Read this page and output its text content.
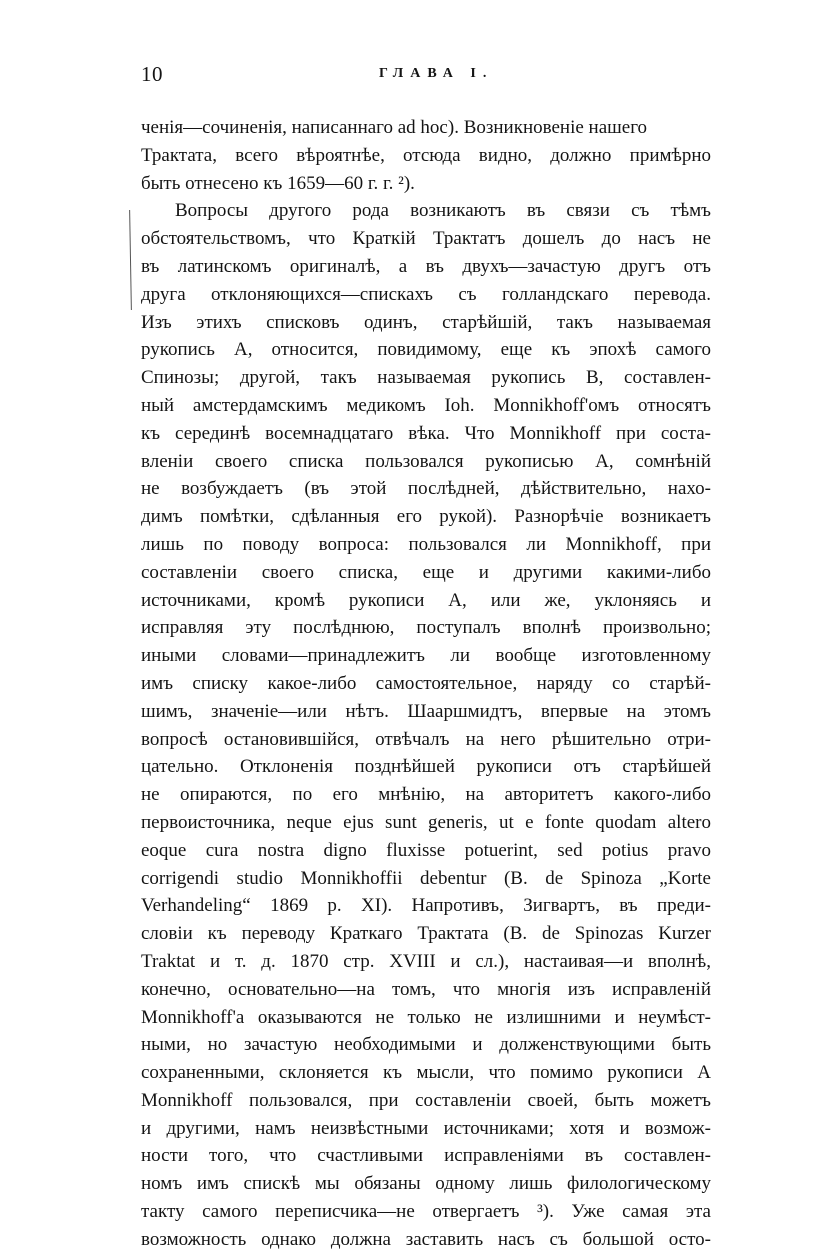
10	ГЛАВА I.
ченія—сочиненія, написаннаго ad hoc). Возникновеніе нашего
Трактата, всего вѣроятнѣе, отсюда видно, должно примѣрно
быть отнесено къ 1659—60 г. г. ²).
Вопросы другого рода возникаютъ въ связи съ тѣмъ
обстоятельствомъ, что Краткій Трактатъ дошелъ до насъ не
въ латинскомъ оригиналѣ, а въ двухъ—зачастую другъ отъ
друга отклоняющихся—спискахъ съ голландскаго перевода.
Изъ этихъ списковъ одинъ, старѣйшій, такъ называемая
рукопись А, относится, повидимому, еще къ эпохѣ самого
Спинозы; другой, такъ называемая рукопись В, составлен-
ный амстердамскимъ медикомъ Ioh. Monnikhoff'омъ относятъ
къ серединѣ восемнадцатаго вѣка. Что Monnikhoff при соста-
вленіи своего списка пользовался рукописью А, сомнѣній
не возбуждаетъ (въ этой послѣдней, дѣйствительно, нахо-
димъ помѣтки, сдѣланныя его рукой). Разнорѣчіе возникаетъ
лишь по поводу вопроса: пользовался ли Monnikhoff, при
составленіи своего списка, еще и другими какими-либо
источниками, кромѣ рукописи А, или же, уклоняясь и
исправляя эту послѣднюю, поступалъ вполнѣ произвольно;
иными словами—принадлежитъ ли вообще изготовленному
имъ списку какое-либо самостоятельное, наряду со старѣй-
шимъ, значеніе—или нѣтъ. Шааршмидтъ, впервые на этомъ
вопросѣ остановившійся, отвѣчалъ на него рѣшительно отри-
цательно. Отклоненія позднѣйшей рукописи отъ старѣйшей
не опираются, по его мнѣнію, на авторитетъ какого-либо
первоисточника, neque ejus sunt generis, ut e fonte quodam altero
eoque cura nostra digno fluxisse potuerint, sed potius pravo
corrigendi studio Monnikhoffii debentur (B. de Spinoza „Korte
Verhandeling“ 1869 p. XI). Напротивъ, Зигвартъ, въ преди-
словіи къ переводу Краткаго Трактата (B. de Spinozas Kurzer
Traktat и т. д. 1870 стр. XVIII и сл.), настаивая—и вполнѣ,
конечно, основательно—на томъ, что многія изъ исправленій
Monnikhoff'а оказываются не только не излишними и неумѣст-
ными, но зачастую необходимыми и долженствующими быть
сохраненными, склоняется къ мысли, что помимо рукописи А
Monnikhoff пользовался, при составленіи своей, быть можетъ
и другими, намъ неизвѣстными источниками; хотя и возмож-
ности того, что счастливыми исправленіями въ составлен-
номъ имъ спискѣ мы обязаны одному лишь филологическому
такту самого переписчика—не отвергаетъ ³). Уже самая эта
возможность однако должна заставить насъ съ большой осто-
